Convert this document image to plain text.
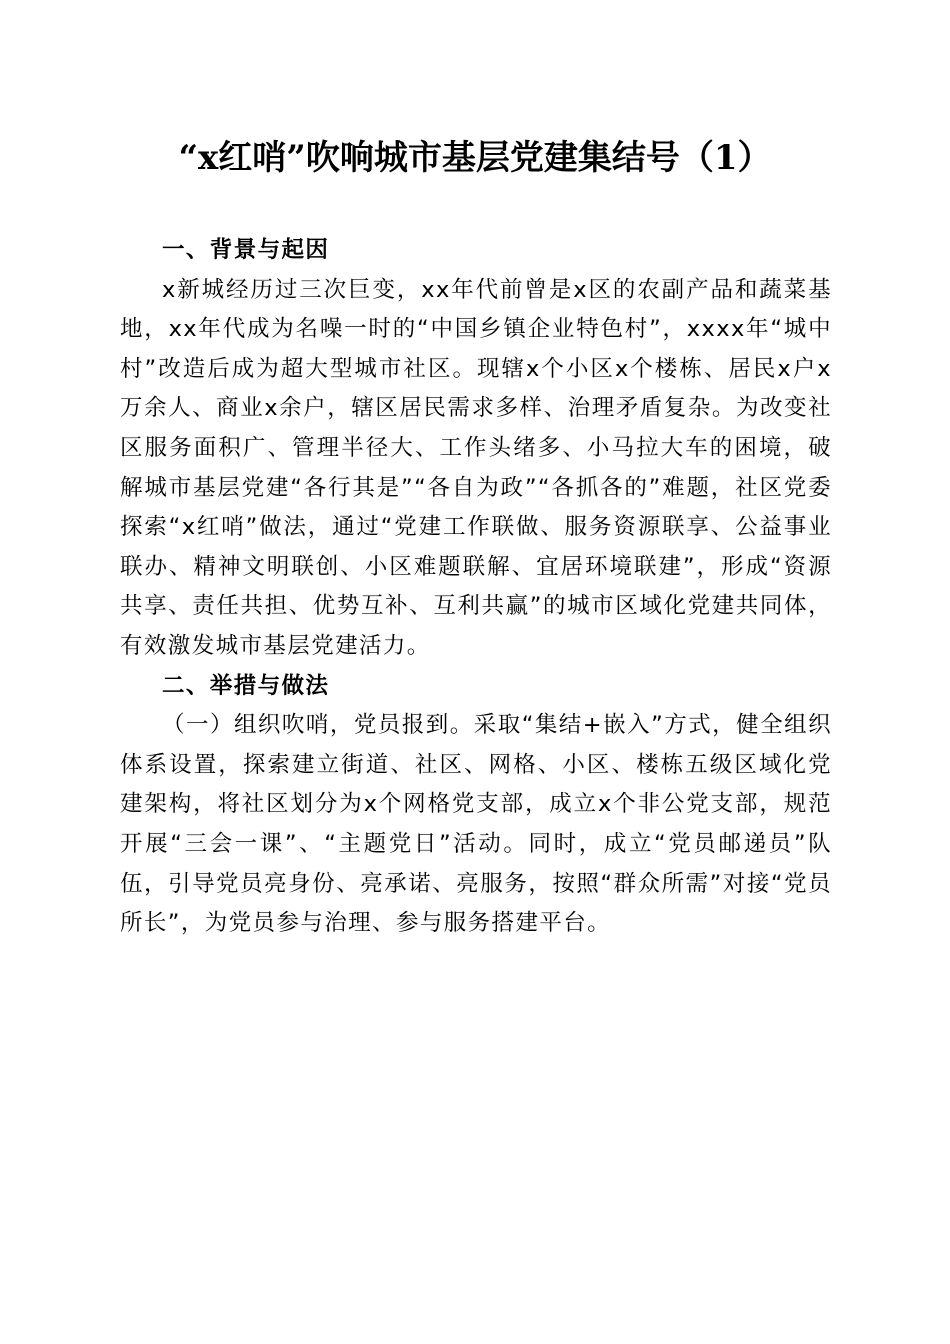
“x红哨”吹响城市基层党建集结号（1）

一、背景与起因

x新城经历过三次巨变，xx年代前曾是x区的农副产品和蔬菜基地，xx年代成为名噪一时的“中国乡镇企业特色村”，xxxx年“城中村”改造后成为超大型城市社区。现辖x个小区x个楼栋、居民x户x万余人、商业x余户，辖区居民需求多样、治理矛盾复杂。为改变社区服务面积广、管理半径大、工作头绪多、小马拉大车的困境，破解城市基层党建“各行其是”“各自为政”“各抓各的”难题，社区党委探索“x红哨”做法，通过“党建工作联做、服务资源联享、公益事业联办、精神文明联创、小区难题联解、宜居环境联建”，形成“资源共享、责任共担、优势互补、互利共赢”的城市区域化党建共同体，有效激发城市基层党建活力。

二、举措与做法

（一）组织吹哨，党员报到。采取“集结+嵌入”方式，健全组织体系设置，探索建立街道、社区、网格、小区、楼栋五级区域化党建架构，将社区划分为x个网格党支部，成立x个非公党支部，规范开展“三会一课”、“主题党日”活动。同时，成立“党员邮递员”队伍，引导党员亮身份、亮承诺、亮服务，按照“群众所需”对接“党员所长”，为党员参与治理、参与服务搭建平台。
